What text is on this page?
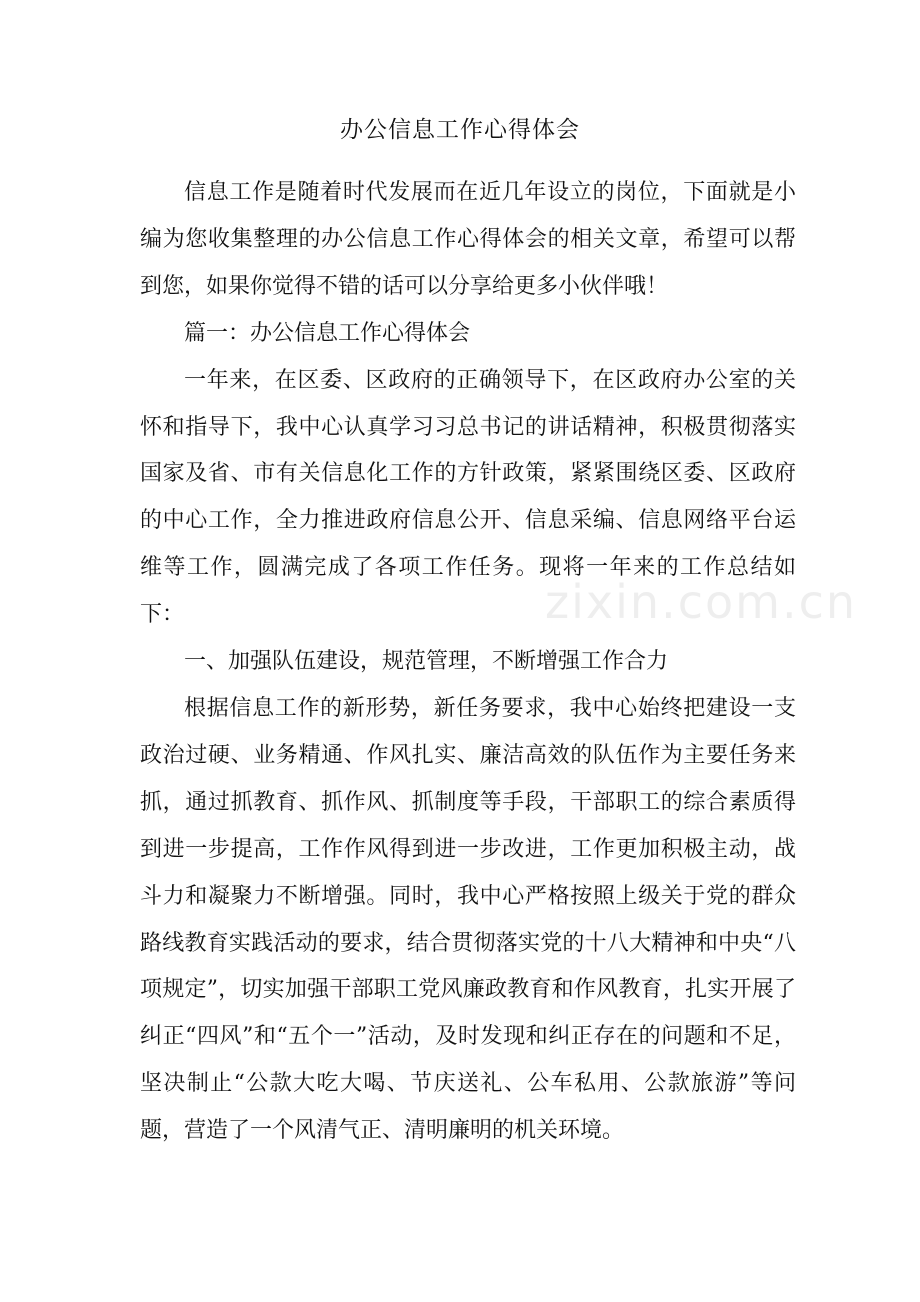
办公信息工作心得体会
zixin.com.cn

信息工作是随着时代发展而在近几年设立的岗位，下面就是小编为您收集整理的办公信息工作心得体会的相关文章，希望可以帮到您，如果你觉得不错的话可以分享给更多小伙伴哦！

篇一：办公信息工作心得体会

一年来，在区委、区政府的正确领导下，在区政府办公室的关怀和指导下，我中心认真学习习总书记的讲话精神，积极贯彻落实国家及省、市有关信息化工作的方针政策，紧紧围绕区委、区政府的中心工作，全力推进政府信息公开、信息采编、信息网络平台运维等工作，圆满完成了各项工作任务。现将一年来的工作总结如下：

一、加强队伍建设，规范管理，不断增强工作合力

根据信息工作的新形势，新任务要求，我中心始终把建设一支政治过硬、业务精通、作风扎实、廉洁高效的队伍作为主要任务来抓，通过抓教育、抓作风、抓制度等手段，干部职工的综合素质得到进一步提高，工作作风得到进一步改进，工作更加积极主动，战斗力和凝聚力不断增强。同时，我中心严格按照上级关于党的群众路线教育实践活动的要求，结合贯彻落实党的十八大精神和中央“八项规定”，切实加强干部职工党风廉政教育和作风教育，扎实开展了纠正“四风”和“五个一”活动，及时发现和纠正存在的问题和不足，坚决制止“公款大吃大喝、节庆送礼、公车私用、公款旅游”等问题，营造了一个风清气正、清明廉明的机关环境。
